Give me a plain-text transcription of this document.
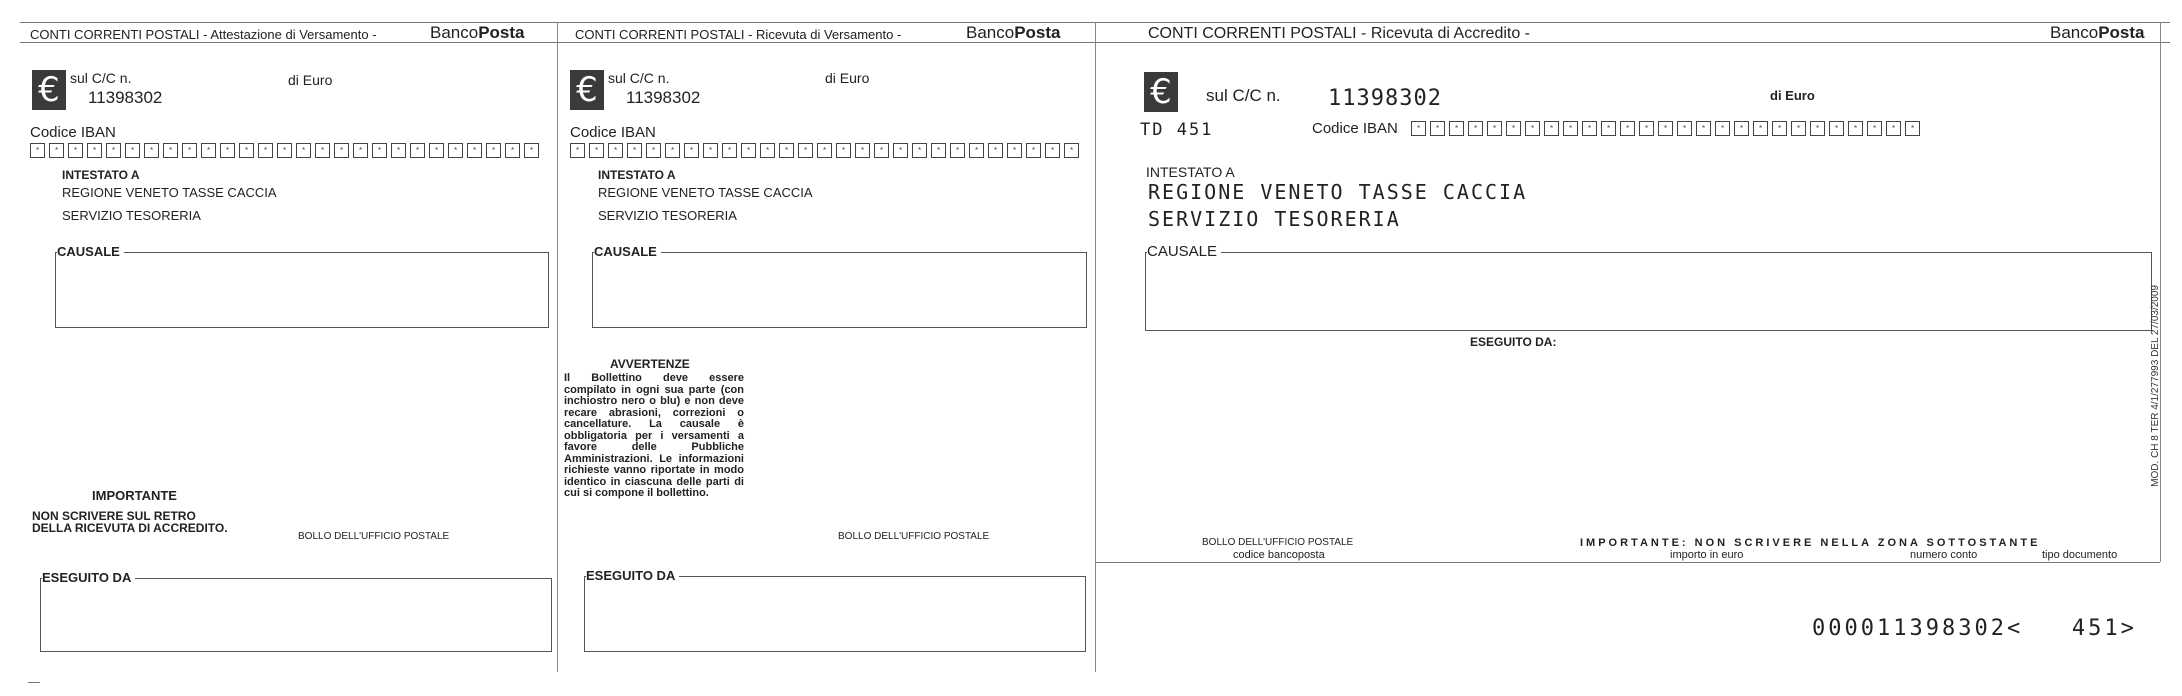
CONTI CORRENTI POSTALI - Attestazione di Versamento -	BancoPosta
€ sul C/C n.
11398302
di Euro
Codice IBAN
*	*	*	*	*	*	*	*	*	*	*	*	*	*	*	*	*	*	*	*	*	*	*	*	*	*	*
INTESTATO A
REGIONE VENETO TASSE CACCIA
SERVIZIO TESORERIA
CAUSALE
IMPORTANTE
NON SCRIVERE SUL RETRO DELLA RICEVUTA DI ACCREDITO.
BOLLO DELL'UFFICIO POSTALE
ESEGUITO DA
CONTI CORRENTI POSTALI - Ricevuta di Versamento -	BancoPosta
€ sul C/C n.
11398302
di Euro
Codice IBAN
*	*	*	*	*	*	*	*	*	*	*	*	*	*	*	*	*	*	*	*	*	*	*	*	*	*	*
INTESTATO A
REGIONE VENETO TASSE CACCIA
SERVIZIO TESORERIA
CAUSALE
AVVERTENZE
Il Bollettino deve essere compilato in ogni sua parte (con inchiostro nero o blu) e non deve recare abrasioni, correzioni o cancellature. La causale è obbligatoria per i versamenti a favore delle Pubbliche Amministrazioni. Le informazioni richieste vanno riportate in modo identico in ciascuna delle parti di cui si compone il bollettino.
BOLLO DELL'UFFICIO POSTALE
ESEGUITO DA
CONTI CORRENTI POSTALI - Ricevuta di Accredito -	BancoPosta
€	sul C/C n. 11398302	di Euro
TD 451	Codice IBAN	*	*	*	*	*	*	*	*	*	*	*	*	*	*	*	*	*	*	*	*	*	*	*	*	*	*	*
INTESTATO A
REGIONE VENETO TASSE CACCIA
SERVIZIO TESORERIA
CAUSALE
ESEGUITO DA:
BOLLO DELL'UFFICIO POSTALE
codice bancoposta
IMPORTANTE: NON SCRIVERE NELLA ZONA SOTTOSTANTE
importo in euro	numero conto	tipo documento
000011398302<   451>
MOD. CH 8 TER 4/1/277993 DEL 27/03/2009
